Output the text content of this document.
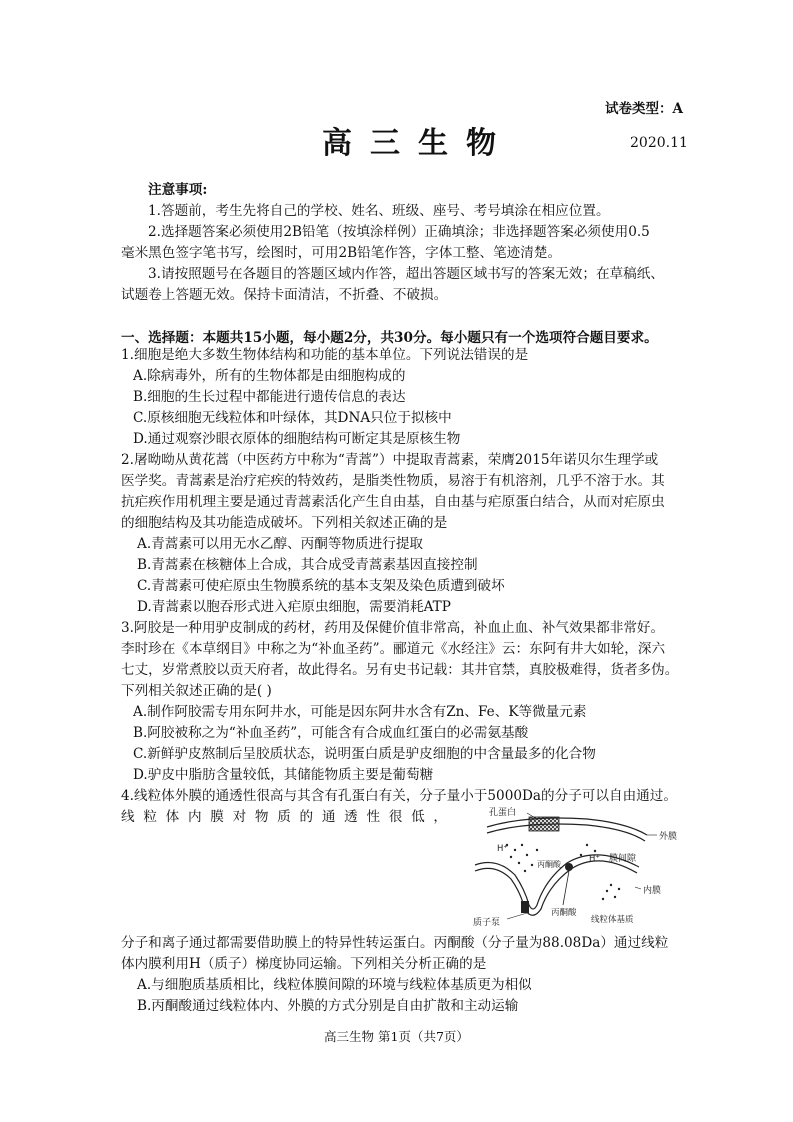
试卷类型：A
高三生物	2020.11
注意事项:
1.答题前，考生先将自己的学校、姓名、班级、座号、考号填涂在相应位置。
2.选择题答案必须使用2B铅笔（按填涂样例）正确填涂；非选择题答案必须使用0.5
毫米黑色签字笔书写，绘图时，可用2B铅笔作答，字体工整、笔迹清楚。
3.请按照题号在各题目的答题区域内作答，超出答题区域书写的答案无效；在草稿纸、
试题卷上答题无效。保持卡面清洁，不折叠、不破损。
一、选择题：本题共15小题，每小题2分，共30分。每小题只有一个选项符合题目要求。
1.细胞是绝大多数生物体结构和功能的基本单位。下列说法错误的是
A.除病毒外，所有的生物体都是由细胞构成的
B.细胞的生长过程中都能进行遗传信息的表达
C.原核细胞无线粒体和叶绿体，其DNA只位于拟核中
D.通过观察沙眼衣原体的细胞结构可断定其是原核生物
2.屠呦呦从黄花蒿（中医药方中称为“青蒿”）中提取青蒿素，荣膺2015年诺贝尔生理学或
医学奖。青蒿素是治疗疟疾的特效药，是脂类性物质，易溶于有机溶剂，几乎不溶于水。其
抗疟疾作用机理主要是通过青蒿素活化产生自由基，自由基与疟原蛋白结合，从而对疟原虫
的细胞结构及其功能造成破坏。下列相关叙述正确的是
A.青蒿素可以用无水乙醇、丙酮等物质进行提取
B.青蒿素在核糖体上合成，其合成受青蒿素基因直接控制
C.青蒿素可使疟原虫生物膜系统的基本支架及染色质遭到破坏
D.青蒿素以胞吞形式进入疟原虫细胞，需要消耗ATP
3.阿胶是一种用驴皮制成的药材，药用及保健价值非常高，补血止血、补气效果都非常好。
李时珍在《本草纲目》中称之为“补血圣药”。郦道元《水经注》云：东阿有井大如轮，深六
七丈，岁常煮胶以贡天府者，故此得名。另有史书记载：其井官禁，真胶极难得，货者多伪。
下列相关叙述正确的是( )
A.制作阿胶需专用东阿井水，可能是因东阿井水含有Zn、Fe、K等微量元素
B.阿胶被称之为“补血圣药”，可能含有合成血红蛋白的必需氨基酸
C.新鲜驴皮熬制后呈胶质状态，说明蛋白质是驴皮细胞的中含量最多的化合物
D.驴皮中脂肪含量较低，其储能物质主要是葡萄糖
4.线粒体外膜的通透性很高与其含有孔蛋白有关，分子量小于5000Da的分子可以自由通过。
线 粒 体 内 膜 对 物 质 的 通 透 性 很 低 ，	孔蛋白
外膜
H⁺
H⁺
丙酮酸
膜间隙
内膜
丙酮酸
质子泵	线粒体基质
分子和离子通过都需要借助膜上的特异性转运蛋白。丙酮酸（分子量为88.08Da）通过线粒
体内膜利用H（质子）梯度协同运输。下列相关分析正确的是
A.与细胞质基质相比，线粒体膜间隙的环境与线粒体基质更为相似
B.丙酮酸通过线粒体内、外膜的方式分别是自由扩散和主动运输
高三生物 第1页（共7页）
